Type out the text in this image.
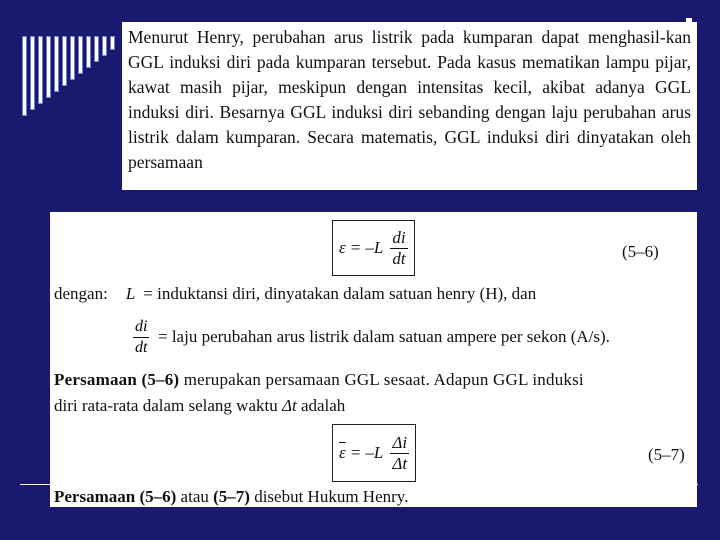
Menurut Henry, perubahan arus listrik pada kumparan dapat menghasil-kan GGL induksi diri pada kumparan tersebut. Pada kasus mematikan lampu pijar, kawat masih pijar, meskipun dengan intensitas kecil, akibat adanya GGL induksi diri. Besarnya GGL induksi diri sebanding dengan laju perubahan arus listrik dalam kumparan. Secara matematis, GGL induksi diri dinyatakan oleh persamaan

$\varepsilon = -L \frac{di}{dt}$	(5–6)
dengan: L = induktansi diri, dinyatakan dalam satuan henry (H), dan
$\frac{di}{dt}$ = laju perubahan arus listrik dalam satuan ampere per sekon (A/s).
Persamaan (5–6) merupakan persamaan GGL sesaat. Adapun GGL induksi
diri rata-rata dalam selang waktu Δt adalah
$\overline{\varepsilon} = -L \frac{\Delta i}{\Delta t}$	(5–7)
Persamaan (5–6) atau (5–7) disebut Hukum Henry.
